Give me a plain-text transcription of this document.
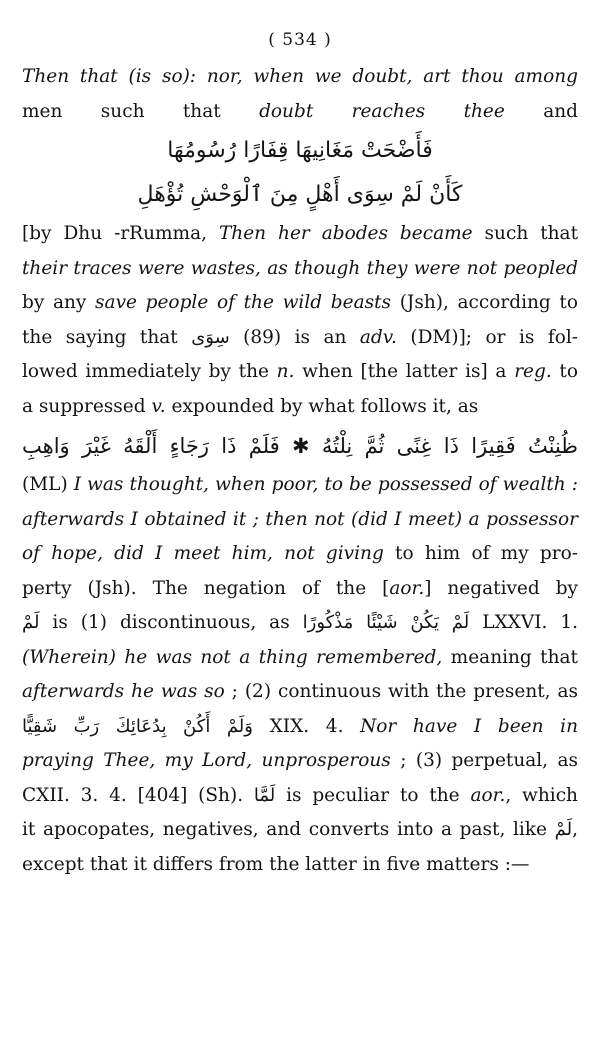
( 534 )
Then that (is so): nor, when we doubt, art thou among
men such that doubt reaches thee and
فَأَضْحَتْ مَغَانِيهَا قِفَارًا رُسُومُهَا
كَأَنْ لَمْ سِوَى أَهْلٍ مِنَ ٱلْوَحْشِ تُؤْهَلِ
[by Dhu -rRumma, Then her abodes became such that
their traces were wastes, as though they were not peopled
by any save people of the wild beasts (Jsh), according to
the saying that سِوَى (89) is an adv. (DM)]; or is fol-
lowed immediately by the n. when [the latter is] a reg. to
a suppressed v. expounded by what follows it, as
ظُنِنْتُ فَقِيرًا ذَا غِنًى ثُمَّ نِلْتُهُ ✱ فَلَمْ ذَا رَجَاءٍ أَلْقَهُ غَيْرَ وَاهِبِ
(ML) I was thought, when poor, to be possessed of wealth :
afterwards I obtained it ; then not (did I meet) a possessor
of hope, did I meet him, not giving to him of my pro-
perty (Jsh). The negation of the [aor.] negatived by
لَمْ is (1) discontinuous, as لَمْ يَكُنْ شَيْئًا مَذْكُورًا LXXVI. 1.
(Wherein) he was not a thing remembered, meaning that
afterwards he was so ; (2) continuous with the present, as
وَلَمْ أَكُنْ بِدُعَائِكَ رَبِّ شَقِيًّا XIX. 4. Nor have I been in
praying Thee, my Lord, unprosperous ; (3) perpetual, as
CXII. 3. 4. [404] (Sh). لَمَّا is peculiar to the aor., which
it apocopates, negatives, and converts into a past, like لَمْ,
except that it differs from the latter in five matters :—
